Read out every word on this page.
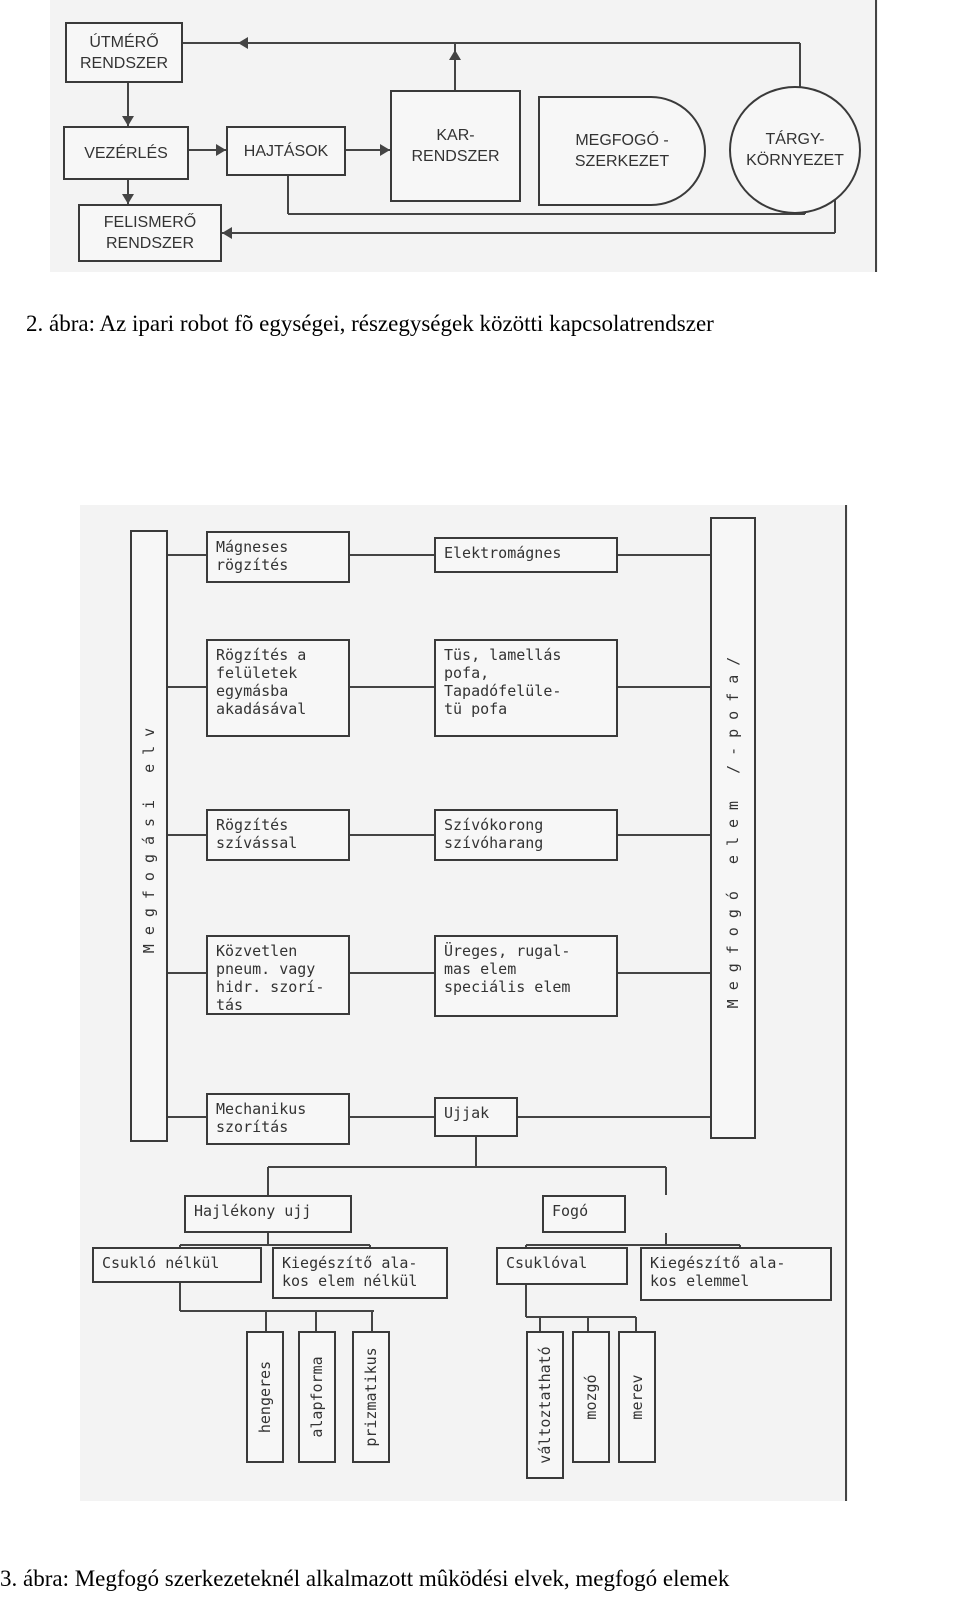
ÚTMÉRŐ
RENDSZER
VEZÉRLÉS	HAJTÁSOK
FELISMERŐ
RENDSZER
KAR-
RENDSZER
MEGFOGÓ -
SZERKEZET
TÁRGY-
KÖRNYEZET
2. ábra: Az ipari robot fõ egységei, részegységek közötti kapcsolatrendszer
Megfogási elv	Megfogó elem /-pofa/
Mágneses
rögzítés
Rögzítés a
felületek
egymásba
akadásával
Rögzítés
szívással
Közvetlen
pneum. vagy
hidr. szorí-
tás
Mechanikus
szorítás
Elektromágnes
Tüs, lamellás
pofa,
Tapadófelüle-
tü pofa
Szívókorong
szívóharang
Üreges, rugal-
mas elem
speciális elem
Ujjak
Hajlékony ujj	Fogó
Csukló nélkül	Kiegészítő ala-
kos elem nélkül
Csuklóval	Kiegészítő ala-
kos elemmel
hengeres alapforma prizmatikus	változtatható mozgó merev
3. ábra: Megfogó szerkezeteknél alkalmazott mûködési elvek, megfogó elemek
